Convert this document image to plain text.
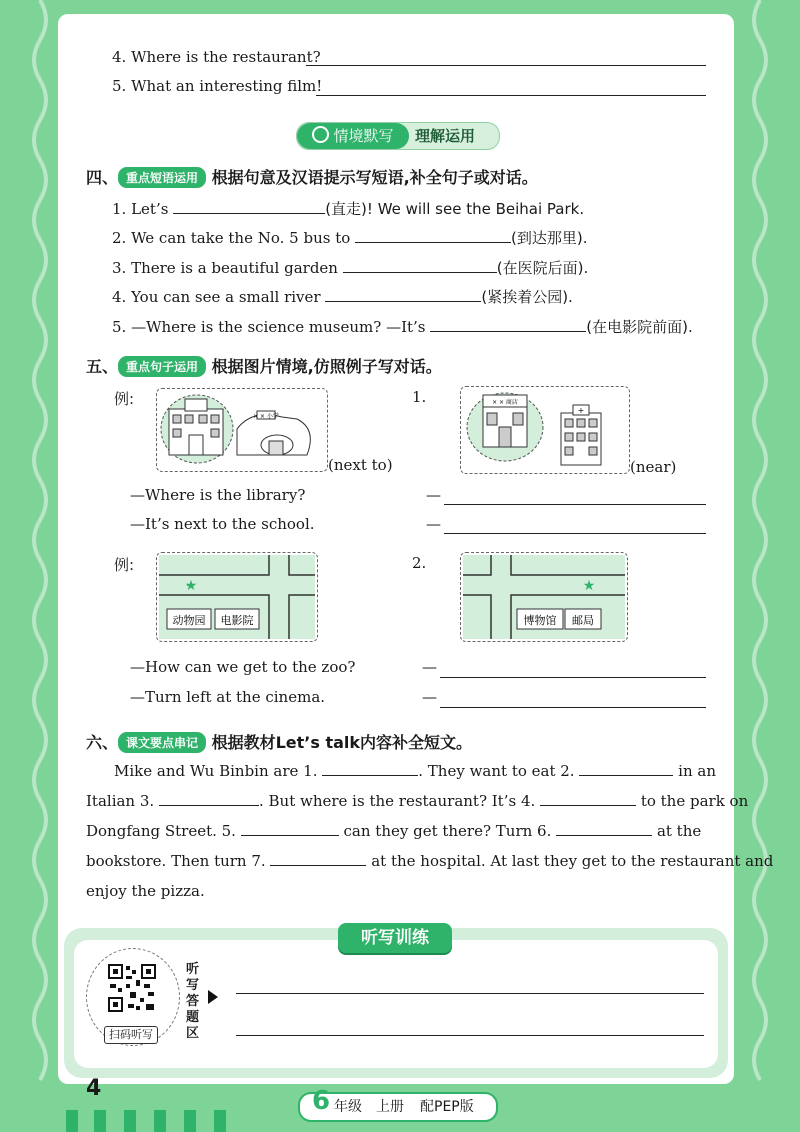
4. Where is the restaurant?
5. What an interesting film!
情境默写	理解运用
四、 重点短语运用 根据句意及汉语提示写短语,补全句子或对话。
1. Let’s	(直走)! We will see the Beihai Park.
2. We can take the No. 5 bus to	(到达那里).
3. There is a beautiful garden	(在医院后面).
4. You can see a small river	(紧挨着公园).
5. —Where is the science museum? —It’s	(在电影院前面).
五、 重点句子运用 根据图片情境,仿照例子写对话。
例:	1.
× × 小学
(next to)
× × 商店
+
(near)
—Where is the library?
—It’s next to the school.
—
—
例:	2.
★
动物园 电影院
★
博物馆 邮局
—How can we get to the zoo?
—Turn left at the cinema.
—
—
六、 课文要点串记 根据教材Let’s talk内容补全短文。
Mike and Wu Binbin are 1.	. They want to eat 2.	in an
Italian 3.	. But where is the restaurant? It’s 4.	to the park on
Dongfang Street. 5.	can they get there? Turn 6.	at the
bookstore. Then turn 7.	at the hospital. At last they get to the restaurant and
enjoy the pizza.
听写训练
扫码听写
听写答题区
4	6 年级 上册 配PEP版
